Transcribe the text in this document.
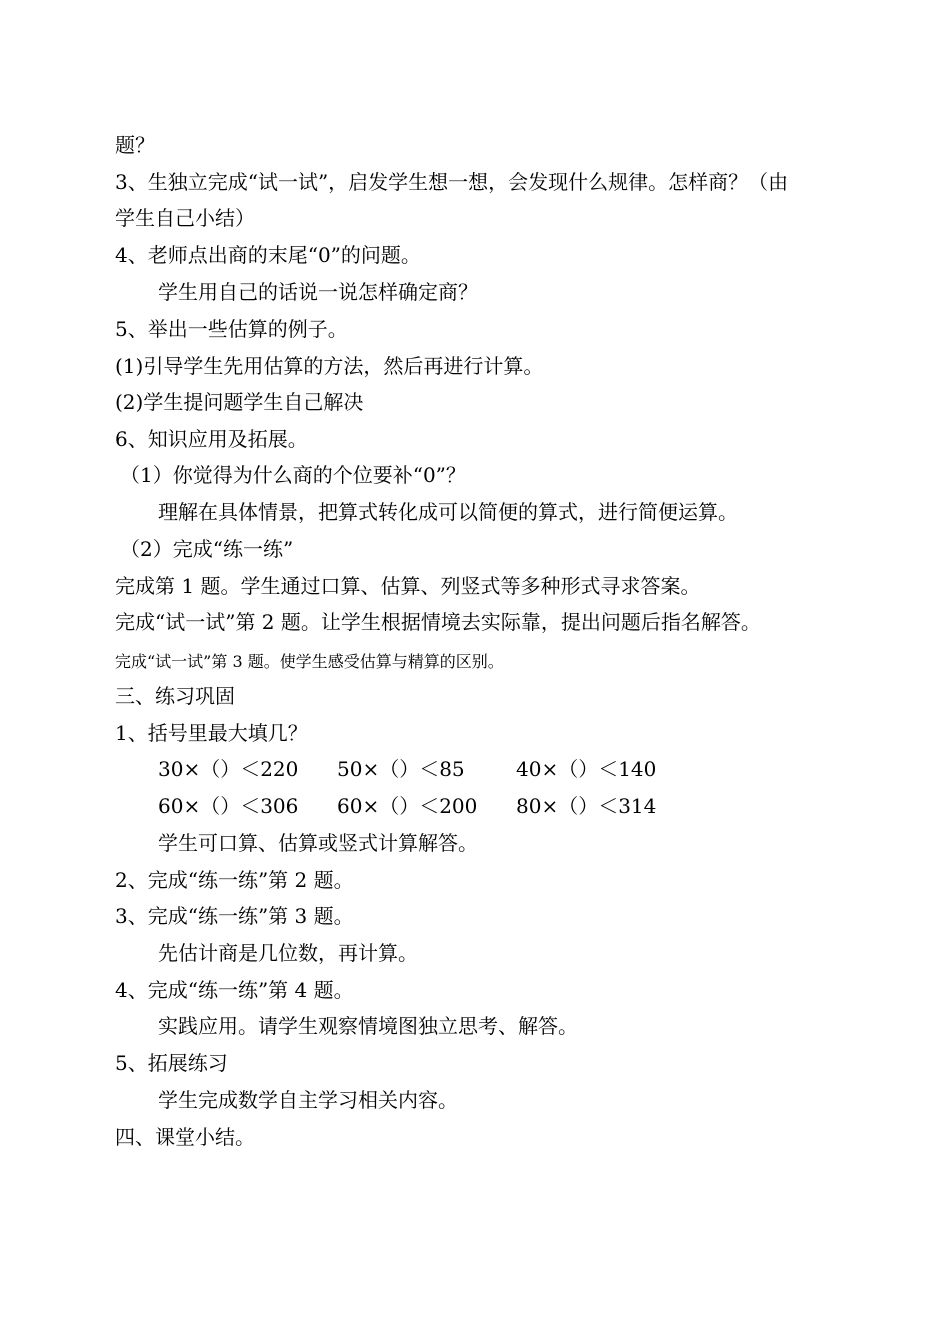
题？
3、生独立完成“试一试”，启发学生想一想，会发现什么规律。怎样商？（由
学生自己小结）
4、老师点出商的末尾“0”的问题。
学生用自己的话说一说怎样确定商？
5、举出一些估算的例子。
(1)引导学生先用估算的方法，然后再进行计算。
(2)学生提问题学生自己解决
6、知识应用及拓展。
（1）你觉得为什么商的个位要补“0”？
理解在具体情景，把算式转化成可以简便的算式，进行简便运算。
（2）完成“练一练”
完成第 1 题。学生通过口算、估算、列竖式等多种形式寻求答案。
完成“试一试”第 2 题。让学生根据情境去实际靠，提出问题后指名解答。
完成“试一试”第 3 题。使学生感受估算与精算的区别。
三、练习巩固
1、括号里最大填几？
30×（）＜220 50×（）＜85	40×（）＜140
60×（）＜306 60×（）＜200 80×（）＜314
学生可口算、估算或竖式计算解答。
2、完成“练一练”第 2 题。
3、完成“练一练”第 3 题。
先估计商是几位数，再计算。
4、完成“练一练”第 4 题。
实践应用。请学生观察情境图独立思考、解答。
5、拓展练习
学生完成数学自主学习相关内容。
四、课堂小结。
